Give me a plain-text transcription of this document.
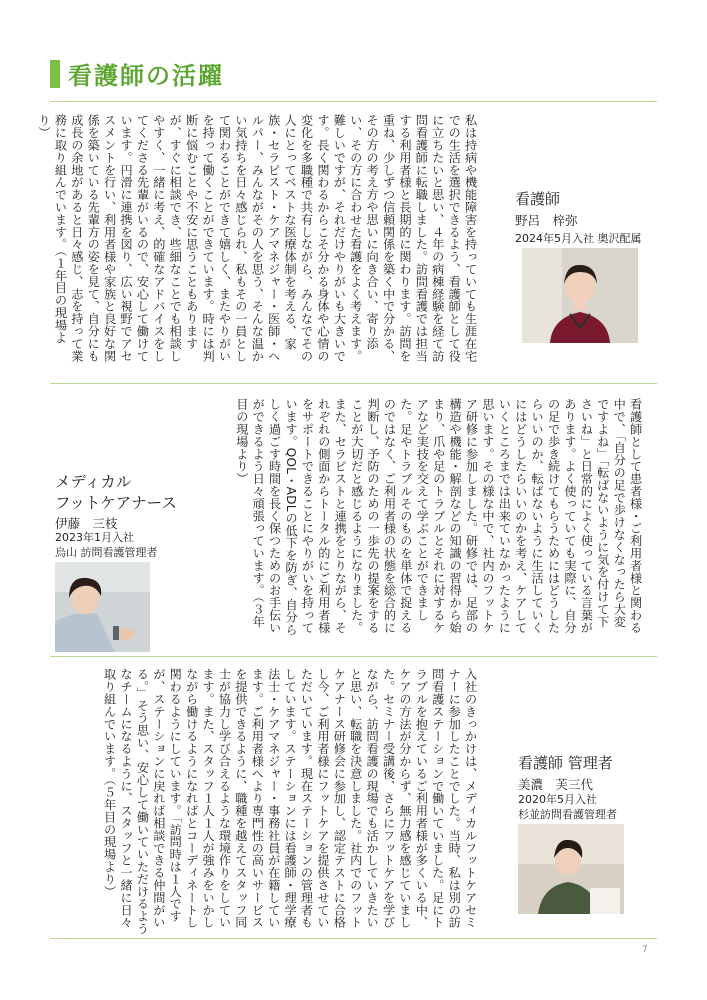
看護師の活躍

私は持病や機能障害を持っていても生涯在宅での生活を選択できるよう、看護師として役に立ちたいと思い、４年の病棟経験を経て訪問看護師に転職しました。訪問看護では担当する利用者様と長期的に関わります。訪問を重ね、少しずつ信頼関係を築く中で分かる、その方の考え方や思いに向き合い、寄り添い、その方に合わせた看護をよく考えます。難しいですが、それだけやりがいも大きいです。長く関わるからこそ分かる身体や心情の変化を多職種で共有しながら、みんなでその人にとってベストな医療体制を考える、家族・セラピスト・ケアマネジャー・医師・ヘルパー、みんながその人を思う、そんな温かい気持ちを日々感じられ、私もその一員として関わることができて嬉しく、またやりがいを持って働くことができています。時には判断に悩むことや不安に思うこともありますが、すぐに相談でき、些細なことでも相談しやすく、一緒に考え、的確なアドバイスをしてくださる先輩がいるので、安心して働けています。円滑に連携を図り、広い視野でアセスメントを行い、利用者様や家族と良好な関係を築いている先輩方の姿を見て、自分にも成長の余地があると日々感じ、志を持って業務に取り組んでいます。（１年目の現場より）

看護師
野呂　梓弥
2024年5月入社 奥沢配属

看護師として患者様・ご利用者様と関わる中で、「自分の足で歩けなくなったら大変ですよね」「転ばないように気を付けて下さいね」と日常的によく使っている言葉があります。よく使っていても実際に、自分の足で歩き続けてもらうためにはどうしたらいいのか、転ばないように生活していくにはどうしたらいいのかを考え、ケアしていくところまでは出来ていなかったように思います。その様な中で、社内のフットケア研修に参加しました。研修では、足部の構造や機能・解剖などの知識の習得から始まり、爪や足のトラブルとそれに対するケアなど実技を交えて学ぶことができました。足やトラブルそのものを単体で捉えるのではなく、ご利用者様の状態を総合的に判断し、予防のための一歩先の提案をすることが大切だと感じるようになりました。また、セラピストと連携をとりながら、それぞれの側面からトータル的にご利用者様をサポートできることにやりがいを持っています。QOL・ADLの低下を防ぎ、自分らしく過ごす時間を長く保つためのお手伝いができるよう日々頑張っています。（３年目の現場より）

メディカル
フットケアナース
伊藤　三枝
2023年1月入社
烏山 訪問看護管理者

入社のきっかけは、メディカルフットケアセミナーに参加したことでした。当時、私は別の訪問看護ステーションで働いていました。足にトラブルを抱えているご利用者様が多くいる中、ケアの方法が分からず、無力感を感じていました。セミナー受講後、さらにフットケアを学びながら、訪問看護の現場でも活かしていきたいと思い、転職を決意しました。社内でのフットケアナース研修会に参加し、認定テストに合格し今、ご利用者様にフットケアを提供させていただいています。現在ステーションの管理者もしています。ステーションには看護師・理学療法士・ケアマネジャー・事務社員が在籍しています。ご利用者様へより専門性の高いサービスを提供できるように、職種を越えてスタッフ同士が協力し学び合えるような環境作りをしています。また、スタッフ１人１人が強みをいかしながら働けるようになればとコーディネートし関わるようにしています。「訪問時は１人ですが、ステーションに戻れば相談できる仲間がいる。」そう思い、安心して働いていただけるようなチームになるように、スタッフと一緒に日々取り組んでいます。（５年目の現場より）

看護師 管理者
美濃　芙三代
2020年5月入社
杉並訪問看護管理者
7
